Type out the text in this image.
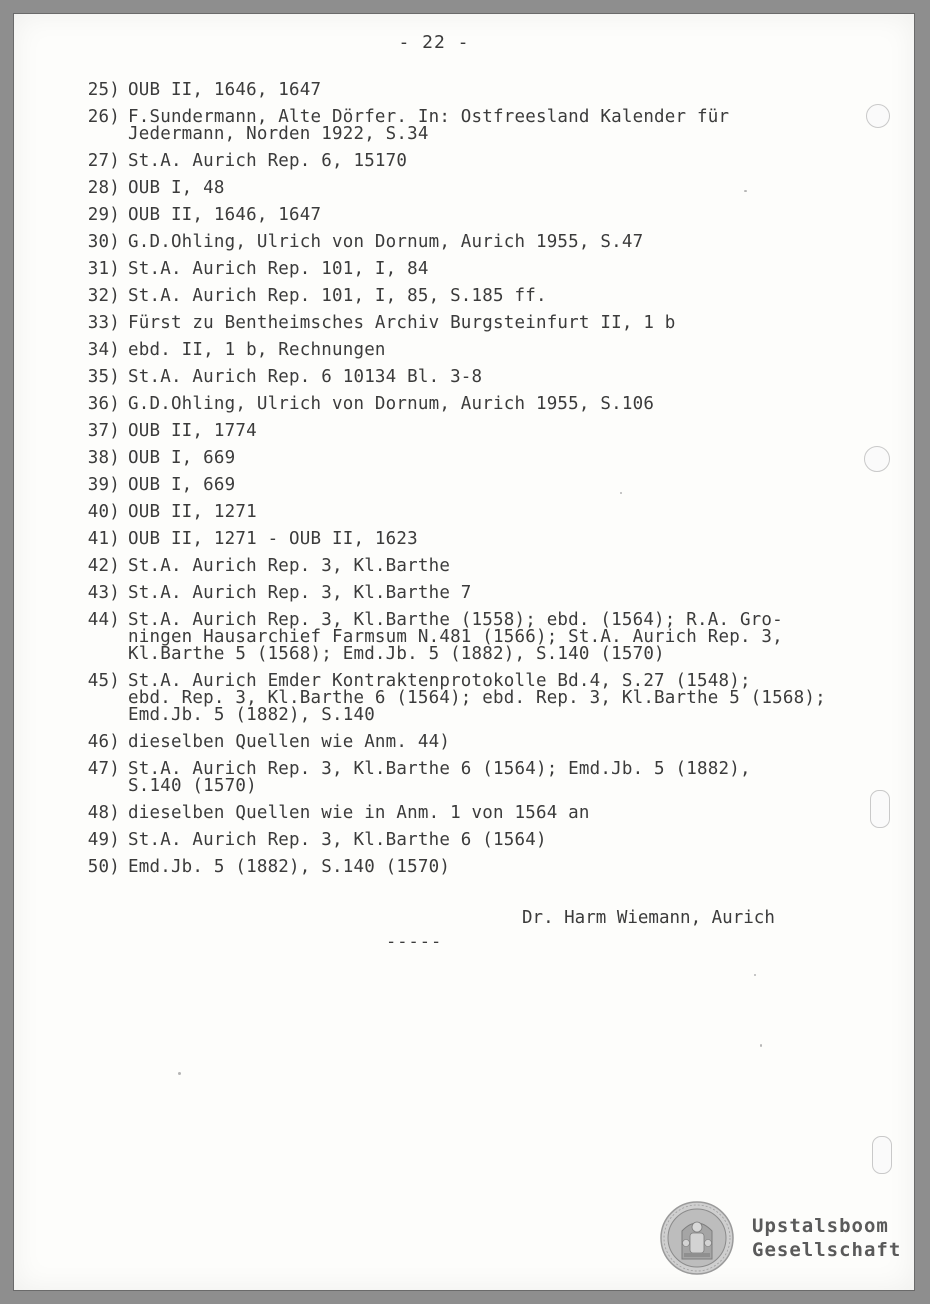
- 22 -
25) OUB II, 1646, 1647
26) F.Sundermann, Alte Dörfer. In: Ostfreesland Kalender für
Jedermann, Norden 1922, S.34
27) St.A. Aurich Rep. 6, 15170
28) OUB I, 48
29) OUB II, 1646, 1647
30) G.D.Ohling, Ulrich von Dornum, Aurich 1955, S.47
31) St.A. Aurich Rep. 101, I, 84
32) St.A. Aurich Rep. 101, I, 85, S.185 ff.
33) Fürst zu Bentheimsches Archiv Burgsteinfurt II, 1 b
34) ebd. II, 1 b, Rechnungen
35) St.A. Aurich Rep. 6 10134 Bl. 3-8
36) G.D.Ohling, Ulrich von Dornum, Aurich 1955, S.106
37) OUB II, 1774
38) OUB I, 669
39) OUB I, 669
40) OUB II, 1271
41) OUB II, 1271 - OUB II, 1623
42) St.A. Aurich Rep. 3, Kl.Barthe
43) St.A. Aurich Rep. 3, Kl.Barthe 7
44) St.A. Aurich Rep. 3, Kl.Barthe (1558); ebd. (1564); R.A. Gro-
ningen Hausarchief Farmsum N.481 (1566); St.A. Aurich Rep. 3,
Kl.Barthe 5 (1568); Emd.Jb. 5 (1882), S.140 (1570)
45) St.A. Aurich Emder Kontraktenprotokolle Bd.4, S.27 (1548);
ebd. Rep. 3, Kl.Barthe 6 (1564); ebd. Rep. 3, Kl.Barthe 5 (1568);
Emd.Jb. 5 (1882), S.140
46) dieselben Quellen wie Anm. 44)
47) St.A. Aurich Rep. 3, Kl.Barthe 6 (1564); Emd.Jb. 5 (1882),
S.140 (1570)
48) dieselben Quellen wie in Anm. 1 von 1564 an
49) St.A. Aurich Rep. 3, Kl.Barthe 6 (1564)
50) Emd.Jb. 5 (1882), S.140 (1570)
Dr. Harm Wiemann, Aurich
-----
Upstalsboom
Gesellschaft
